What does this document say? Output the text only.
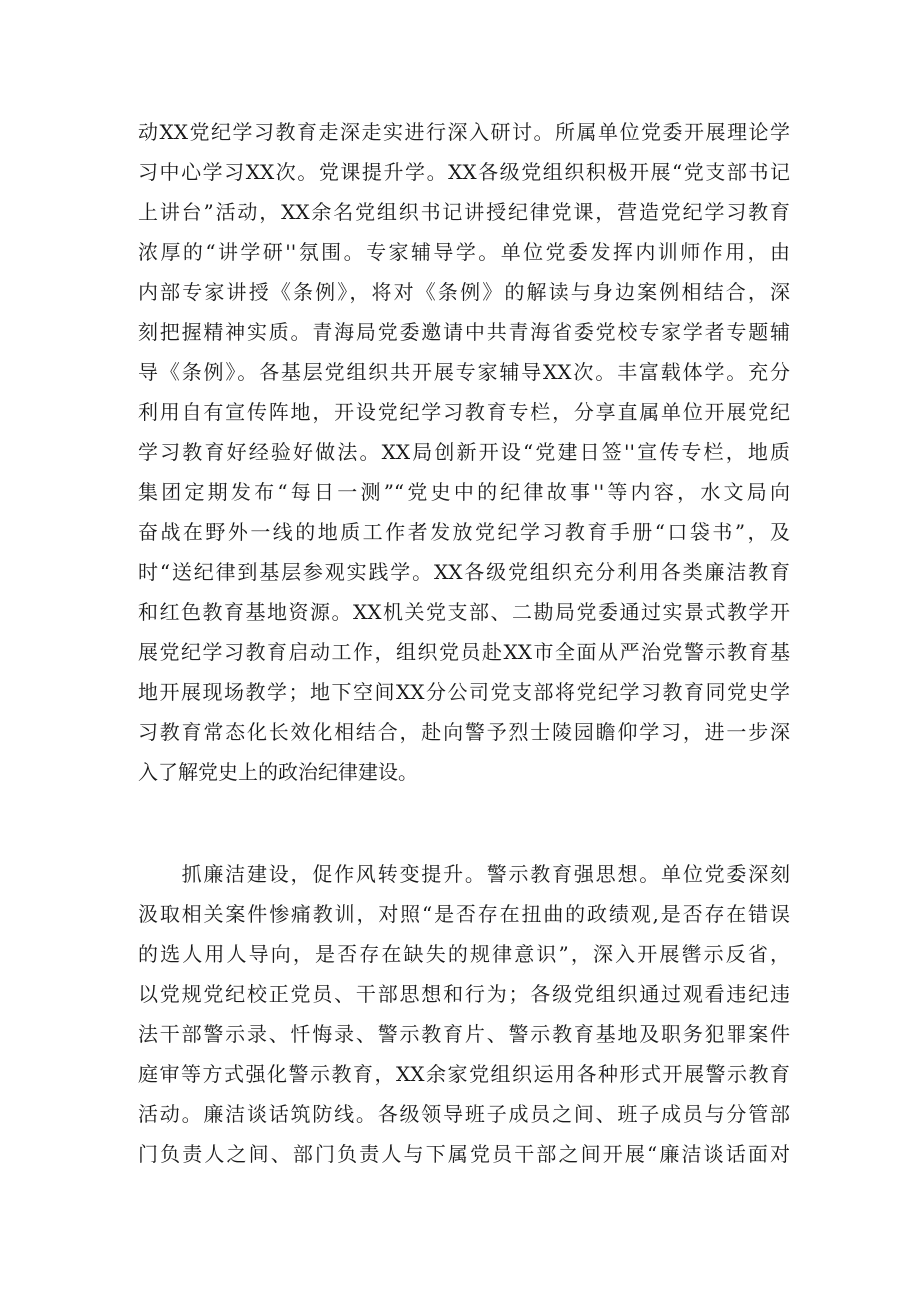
动XX党纪学习教育走深走实进行深入研讨。所属单位党委开展理论学
习中心学习XX次。党课提升学。XX各级党组织积极开展“党支部书记
上讲台”活动，XX余名党组织书记讲授纪律党课，营造党纪学习教育
浓厚的“讲学研''氛围。专家辅导学。单位党委发挥内训师作用，由
内部专家讲授《条例》，将对《条例》的解读与身边案例相结合，深
刻把握精神实质。青海局党委邀请中共青海省委党校专家学者专题辅
导《条例》。各基层党组织共开展专家辅导XX次。丰富载体学。充分
利用自有宣传阵地，开设党纪学习教育专栏，分享直属单位开展党纪
学习教育好经验好做法。XX局创新开设“党建日签''宣传专栏，地质
集团定期发布“每日一测”“党史中的纪律故事''等内容，水文局向
奋战在野外一线的地质工作者发放党纪学习教育手册“口袋书”，及
时“送纪律到基层参观实践学。XX各级党组织充分利用各类廉洁教育
和红色教育基地资源。XX机关党支部、二勘局党委通过实景式教学开
展党纪学习教育启动工作，组织党员赴XX市全面从严治党警示教育基
地开展现场教学；地下空间XX分公司党支部将党纪学习教育同党史学
习教育常态化长效化相结合，赴向警予烈士陵园瞻仰学习，进一步深
入了解党史上的政治纪律建设。
　　抓廉洁建设，促作风转变提升。警示教育强思想。单位党委深刻
汲取相关案件惨痛教训，对照“是否存在扭曲的政绩观,是否存在错误
的选人用人导向，是否存在缺失的规律意识”，深入开展辔示反省，
以党规党纪校正党员、干部思想和行为；各级党组织通过观看违纪违
法干部警示录、忏悔录、警示教育片、警示教育基地及职务犯罪案件
庭审等方式强化警示教育，XX余家党组织运用各种形式开展警示教育
活动。廉洁谈话筑防线。各级领导班子成员之间、班子成员与分管部
门负责人之间、部门负责人与下属党员干部之间开展“廉洁谈话面对
